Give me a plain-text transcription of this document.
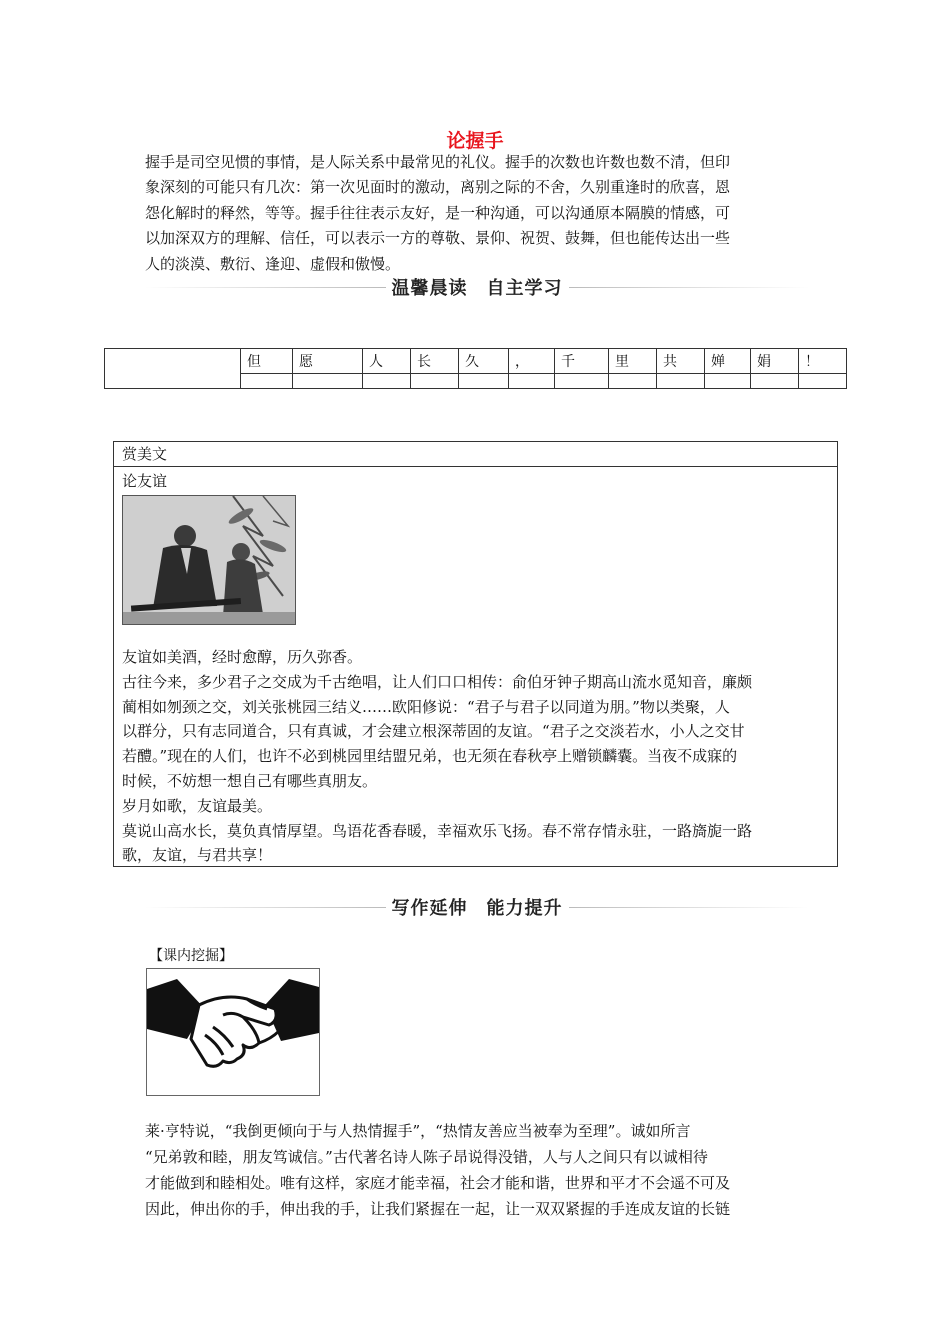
论握手

握手是司空见惯的事情，是人际关系中最常见的礼仪。握手的次数也许数也数不清，但印

象深刻的可能只有几次：第一次见面时的激动，离别之际的不舍，久别重逢时的欣喜，恩

怨化解时的释然，等等。握手往往表示友好，是一种沟通，可以沟通原本隔膜的情感，可

以加深双方的理解、信任，可以表示一方的尊敬、景仰、祝贺、鼓舞，但也能传达出一些

人的淡漠、敷衍、逢迎、虚假和傲慢。

温馨晨读　自主学习
	但	愿	人	长	久	，	千	里	共	婵	娟	！

赏美文
论友谊

友谊如美酒，经时愈醇，历久弥香。

古往今来，多少君子之交成为千古绝唱，让人们口口相传：俞伯牙钟子期高山流水觅知音，廉颇

蔺相如刎颈之交，刘关张桃园三结义……欧阳修说：“君子与君子以同道为朋。”物以类聚，人

以群分，只有志同道合，只有真诚，才会建立根深蒂固的友谊。“君子之交淡若水，小人之交甘

若醴。”现在的人们，也许不必到桃园里结盟兄弟，也无须在春秋亭上赠锁麟囊。当夜不成寐的

时候，不妨想一想自己有哪些真朋友。

岁月如歌，友谊最美。

莫说山高水长，莫负真情厚望。鸟语花香春暖，幸福欢乐飞扬。春不常存情永驻，一路旖旎一路

歌，友谊，与君共享！

写作延伸　能力提升
【课内挖掘】

莱·亨特说，“我倒更倾向于与人热情握手”，“热情友善应当被奉为至理”。诚如所言

“兄弟敦和睦，朋友笃诚信。”古代著名诗人陈子昂说得没错，人与人之间只有以诚相待

才能做到和睦相处。唯有这样，家庭才能幸福，社会才能和谐，世界和平才不会遥不可及

因此，伸出你的手，伸出我的手，让我们紧握在一起，让一双双紧握的手连成友谊的长链
